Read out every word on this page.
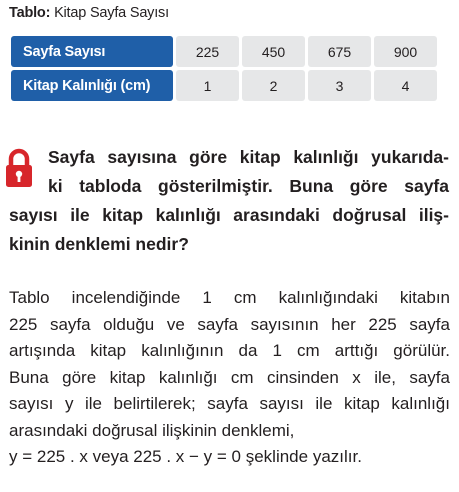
Tablo: Kitap Sayfa Sayısı
Sayfa Sayısı	225	450	675	900
Kitap Kalınlığı (cm)	1	2	3	4
Sayfa sayısına göre kitap kalınlığı yukarıda-
ki tabloda gösterilmiştir. Buna göre sayfa
sayısı ile kitap kalınlığı arasındaki doğrusal iliş-
kinin denklemi nedir?
Tablo incelendiğinde 1 cm kalınlığındaki kitabın
225 sayfa olduğu ve sayfa sayısının her 225 sayfa
artışında kitap kalınlığının da 1 cm arttığı görülür.
Buna göre kitap kalınlığı cm cinsinden x ile, sayfa
sayısı y ile belirtilerek; sayfa sayısı ile kitap kalınlığı
arasındaki doğrusal ilişkinin denklemi,
y = 225 . x veya 225 . x − y = 0 şeklinde yazılır.
